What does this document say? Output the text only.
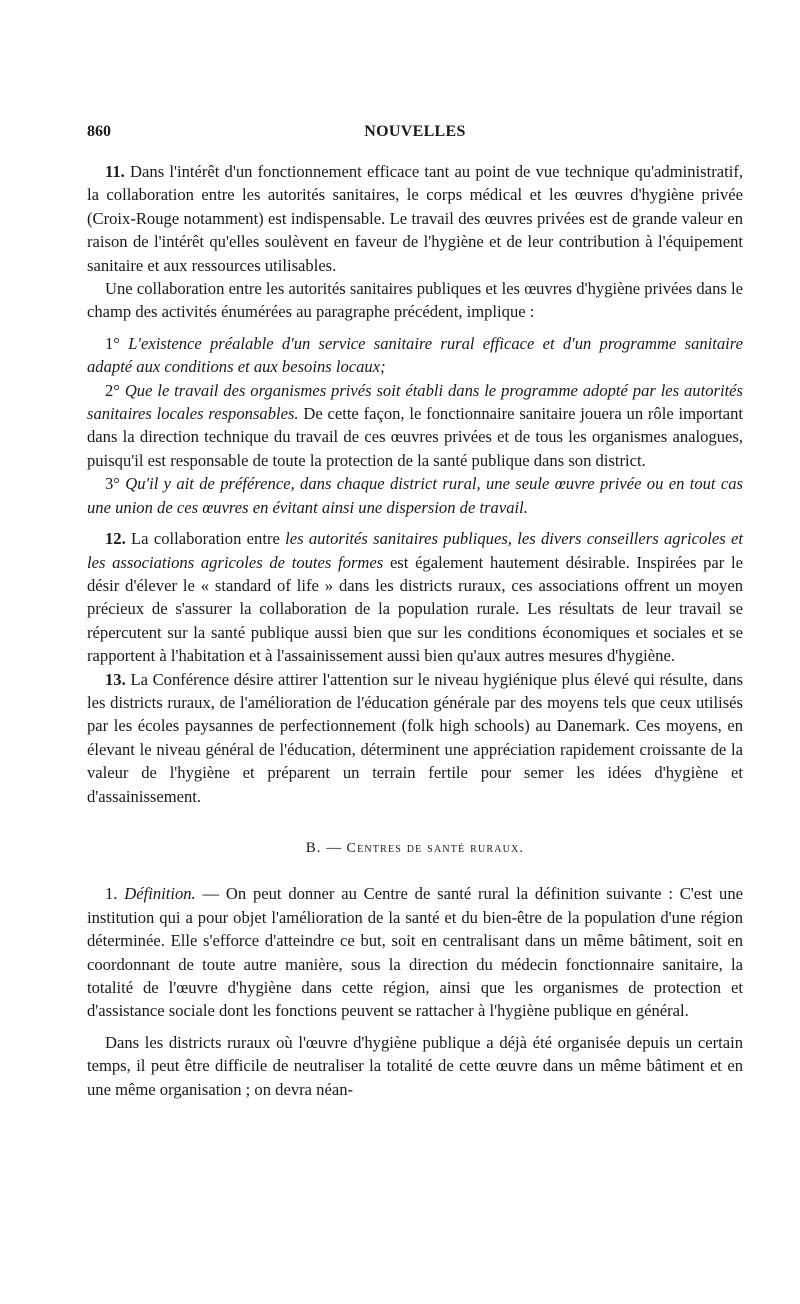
860	NOUVELLES

11. Dans l'intérêt d'un fonctionnement efficace tant au point de vue technique qu'administratif, la collaboration entre les autorités sanitaires, le corps médical et les œuvres d'hygiène privée (Croix-Rouge notamment) est indispensable. Le travail des œuvres privées est de grande valeur en raison de l'intérêt qu'elles soulèvent en faveur de l'hygiène et de leur contribution à l'équipement sanitaire et aux ressources utilisables.

Une collaboration entre les autorités sanitaires publiques et les œuvres d'hygiène privées dans le champ des activités énumérées au paragraphe précédent, implique :

1° L'existence préalable d'un service sanitaire rural efficace et d'un programme sanitaire adapté aux conditions et aux besoins locaux;

2° Que le travail des organismes privés soit établi dans le programme adopté par les autorités sanitaires locales responsables. De cette façon, le fonctionnaire sanitaire jouera un rôle important dans la direction technique du travail de ces œuvres privées et de tous les organismes analogues, puisqu'il est responsable de toute la protection de la santé publique dans son district.

3° Qu'il y ait de préférence, dans chaque district rural, une seule œuvre privée ou en tout cas une union de ces œuvres en évitant ainsi une dispersion de travail.

12. La collaboration entre les autorités sanitaires publiques, les divers conseillers agricoles et les associations agricoles de toutes formes est également hautement désirable. Inspirées par le désir d'élever le « standard of life » dans les districts ruraux, ces associations offrent un moyen précieux de s'assurer la collaboration de la population rurale. Les résultats de leur travail se répercutent sur la santé publique aussi bien que sur les conditions économiques et sociales et se rapportent à l'habitation et à l'assainissement aussi bien qu'aux autres mesures d'hygiène.

13. La Conférence désire attirer l'attention sur le niveau hygiénique plus élevé qui résulte, dans les districts ruraux, de l'amélioration de l'éducation générale par des moyens tels que ceux utilisés par les écoles paysannes de perfectionnement (folk high schools) au Danemark. Ces moyens, en élevant le niveau général de l'éducation, déterminent une appréciation rapidement croissante de la valeur de l'hygiène et préparent un terrain fertile pour semer les idées d'hygiène et d'assainissement.

B. — Centres de santé ruraux.

1. Définition. — On peut donner au Centre de santé rural la définition suivante : C'est une institution qui a pour objet l'amélioration de la santé et du bien-être de la population d'une région déterminée. Elle s'efforce d'atteindre ce but, soit en centralisant dans un même bâtiment, soit en coordonnant de toute autre manière, sous la direction du médecin fonctionnaire sanitaire, la totalité de l'œuvre d'hygiène dans cette région, ainsi que les organismes de protection et d'assistance sociale dont les fonctions peuvent se rattacher à l'hygiène publique en général.

Dans les districts ruraux où l'œuvre d'hygiène publique a déjà été organisée depuis un certain temps, il peut être difficile de neutraliser la totalité de cette œuvre dans un même bâtiment et en une même organisation ; on devra néan-
